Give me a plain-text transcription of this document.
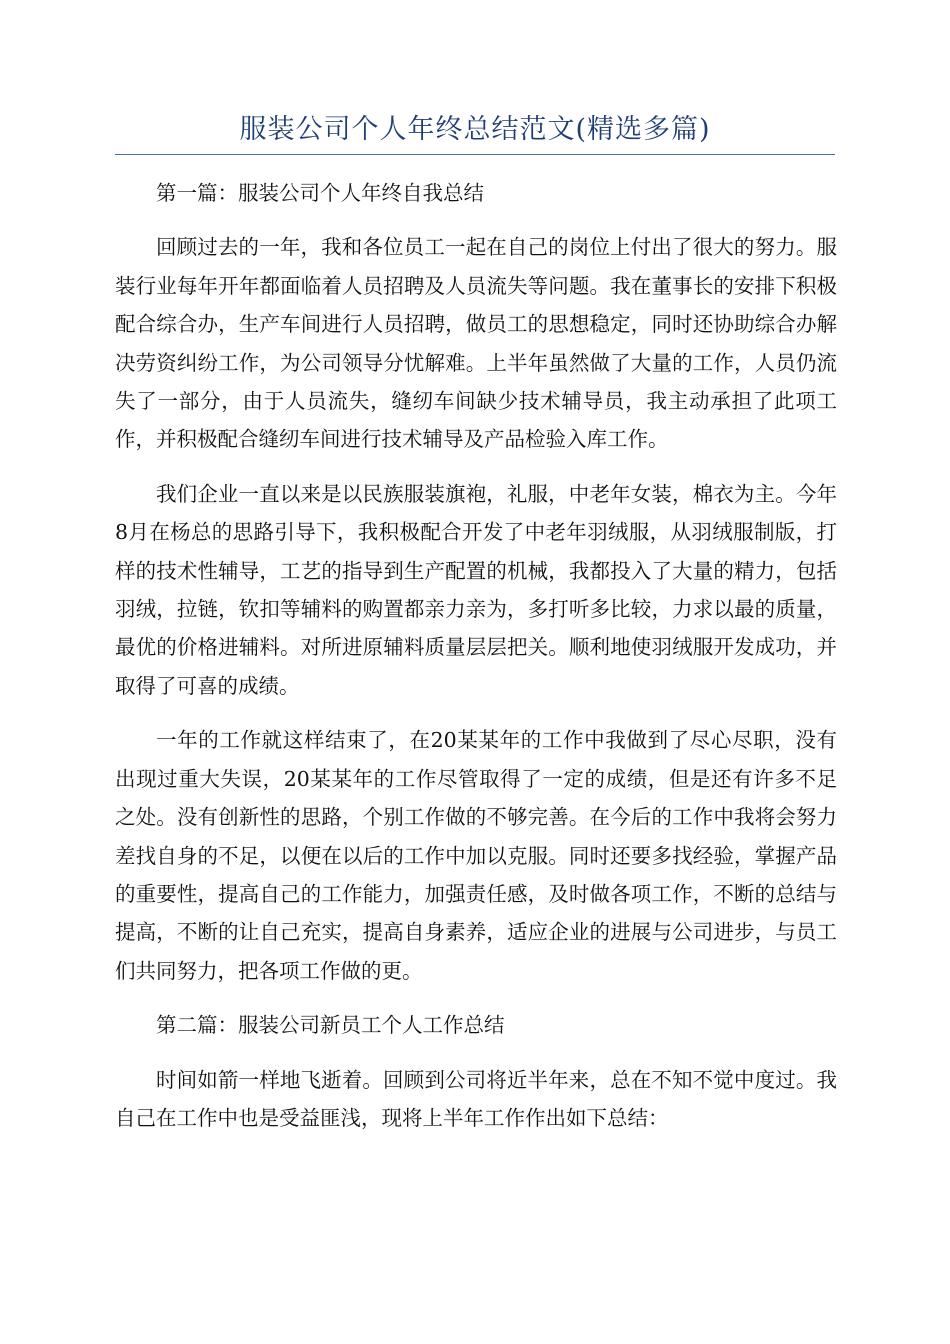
服装公司个人年终总结范文(精选多篇)

第一篇：服装公司个人年终自我总结

回顾过去的一年，我和各位员工一起在自己的岗位上付出了很大的努力。服装行业每年开年都面临着人员招聘及人员流失等问题。我在董事长的安排下积极配合综合办，生产车间进行人员招聘，做员工的思想稳定，同时还协助综合办解决劳资纠纷工作，为公司领导分忧解难。上半年虽然做了大量的工作，人员仍流失了一部分，由于人员流失，缝纫车间缺少技术辅导员，我主动承担了此项工作，并积极配合缝纫车间进行技术辅导及产品检验入库工作。

我们企业一直以来是以民族服装旗袍，礼服，中老年女装，棉衣为主。今年8月在杨总的思路引导下，我积极配合开发了中老年羽绒服，从羽绒服制版，打样的技术性辅导，工艺的指导到生产配置的机械，我都投入了大量的精力，包括羽绒，拉链，钦扣等辅料的购置都亲力亲为，多打听多比较，力求以最的质量，最优的价格进辅料。对所进原辅料质量层层把关。顺利地使羽绒服开发成功，并取得了可喜的成绩。

一年的工作就这样结束了，在20某某年的工作中我做到了尽心尽职，没有出现过重大失误，20某某年的工作尽管取得了一定的成绩，但是还有许多不足之处。没有创新性的思路，个别工作做的不够完善。在今后的工作中我将会努力差找自身的不足，以便在以后的工作中加以克服。同时还要多找经验，掌握产品的重要性，提高自己的工作能力，加强责任感，及时做各项工作，不断的总结与提高，不断的让自己充实，提高自身素养，适应企业的进展与公司进步，与员工们共同努力，把各项工作做的更。

第二篇：服装公司新员工个人工作总结

时间如箭一样地飞逝着。回顾到公司将近半年来，总在不知不觉中度过。我自己在工作中也是受益匪浅，现将上半年工作作出如下总结：
